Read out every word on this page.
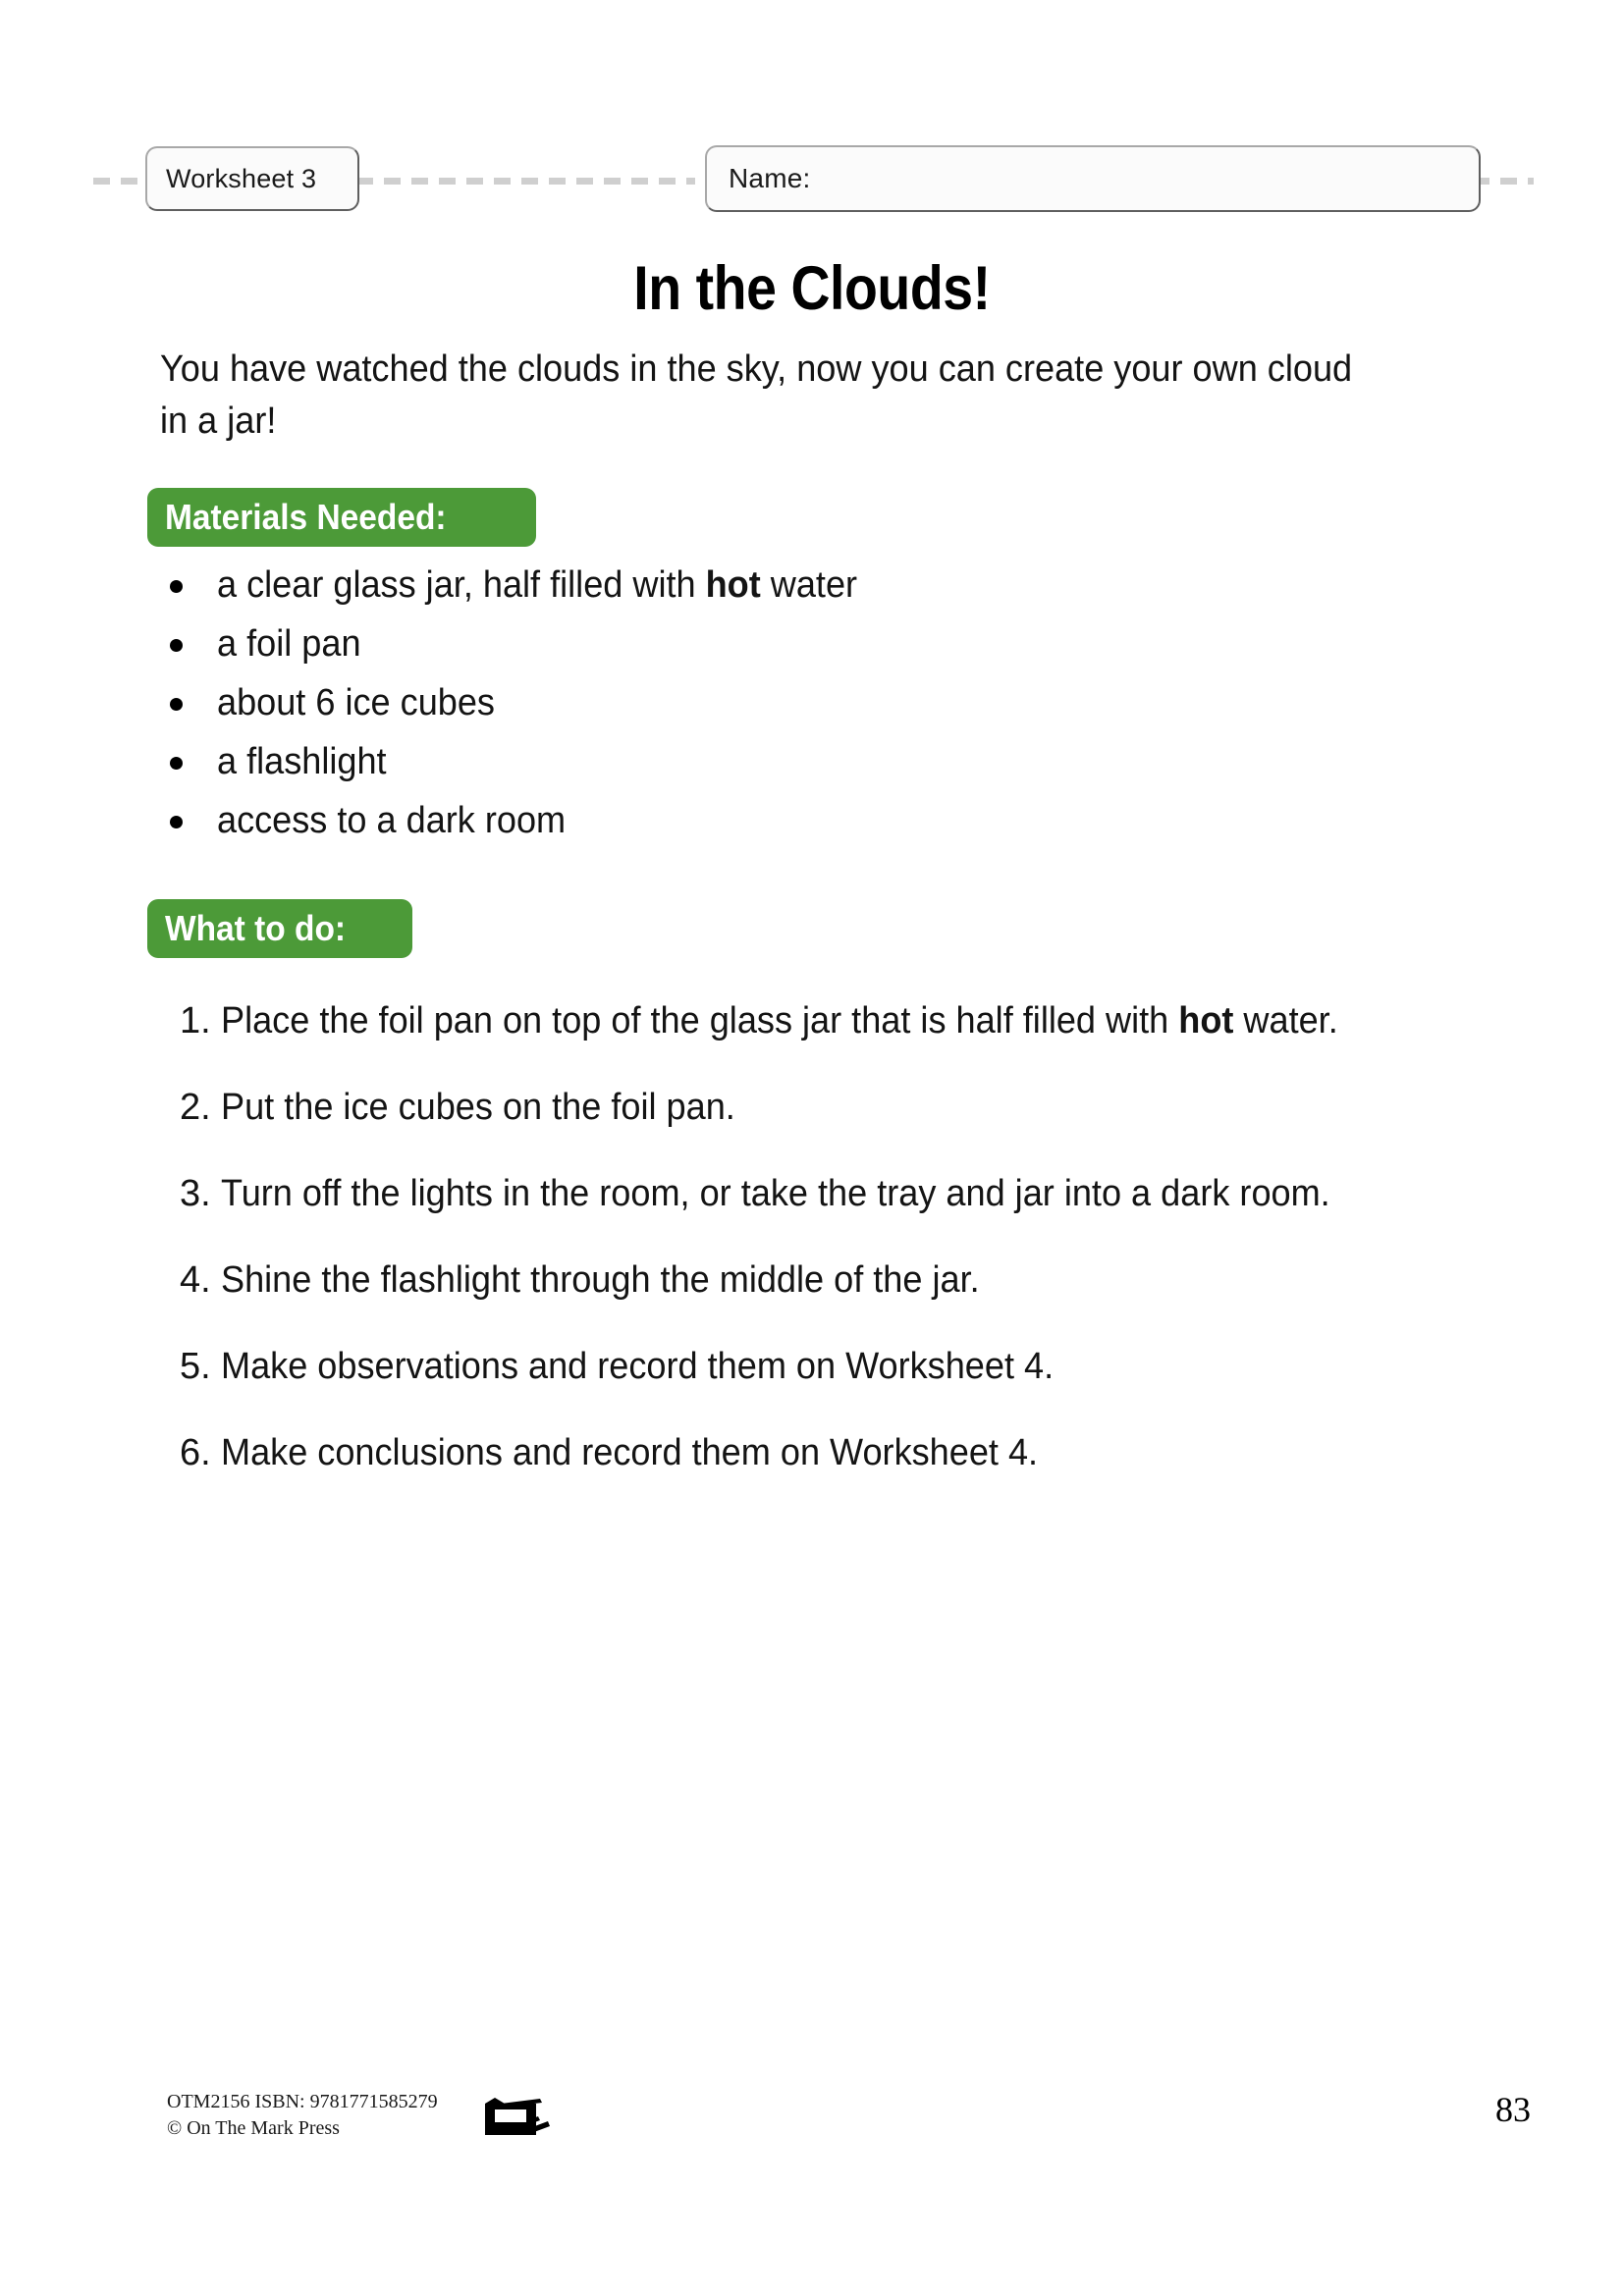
Worksheet 3	Name:
In the Clouds!
You have watched the clouds in the sky, now you can create your own cloud in a jar!
Materials Needed:
a clear glass jar, half filled with hot water
a foil pan
about 6 ice cubes
a flashlight
access to a dark room
What to do:
1. Place the foil pan on top of the glass jar that is half filled with hot water.
2. Put the ice cubes on the foil pan.
3. Turn off the lights in the room, or take the tray and jar into a dark room.
4. Shine the flashlight through the middle of the jar.
5. Make observations and record them on Worksheet 4.
6. Make conclusions and record them on Worksheet 4.
OTM2156 ISBN: 9781771585279
© On The Mark Press	83
